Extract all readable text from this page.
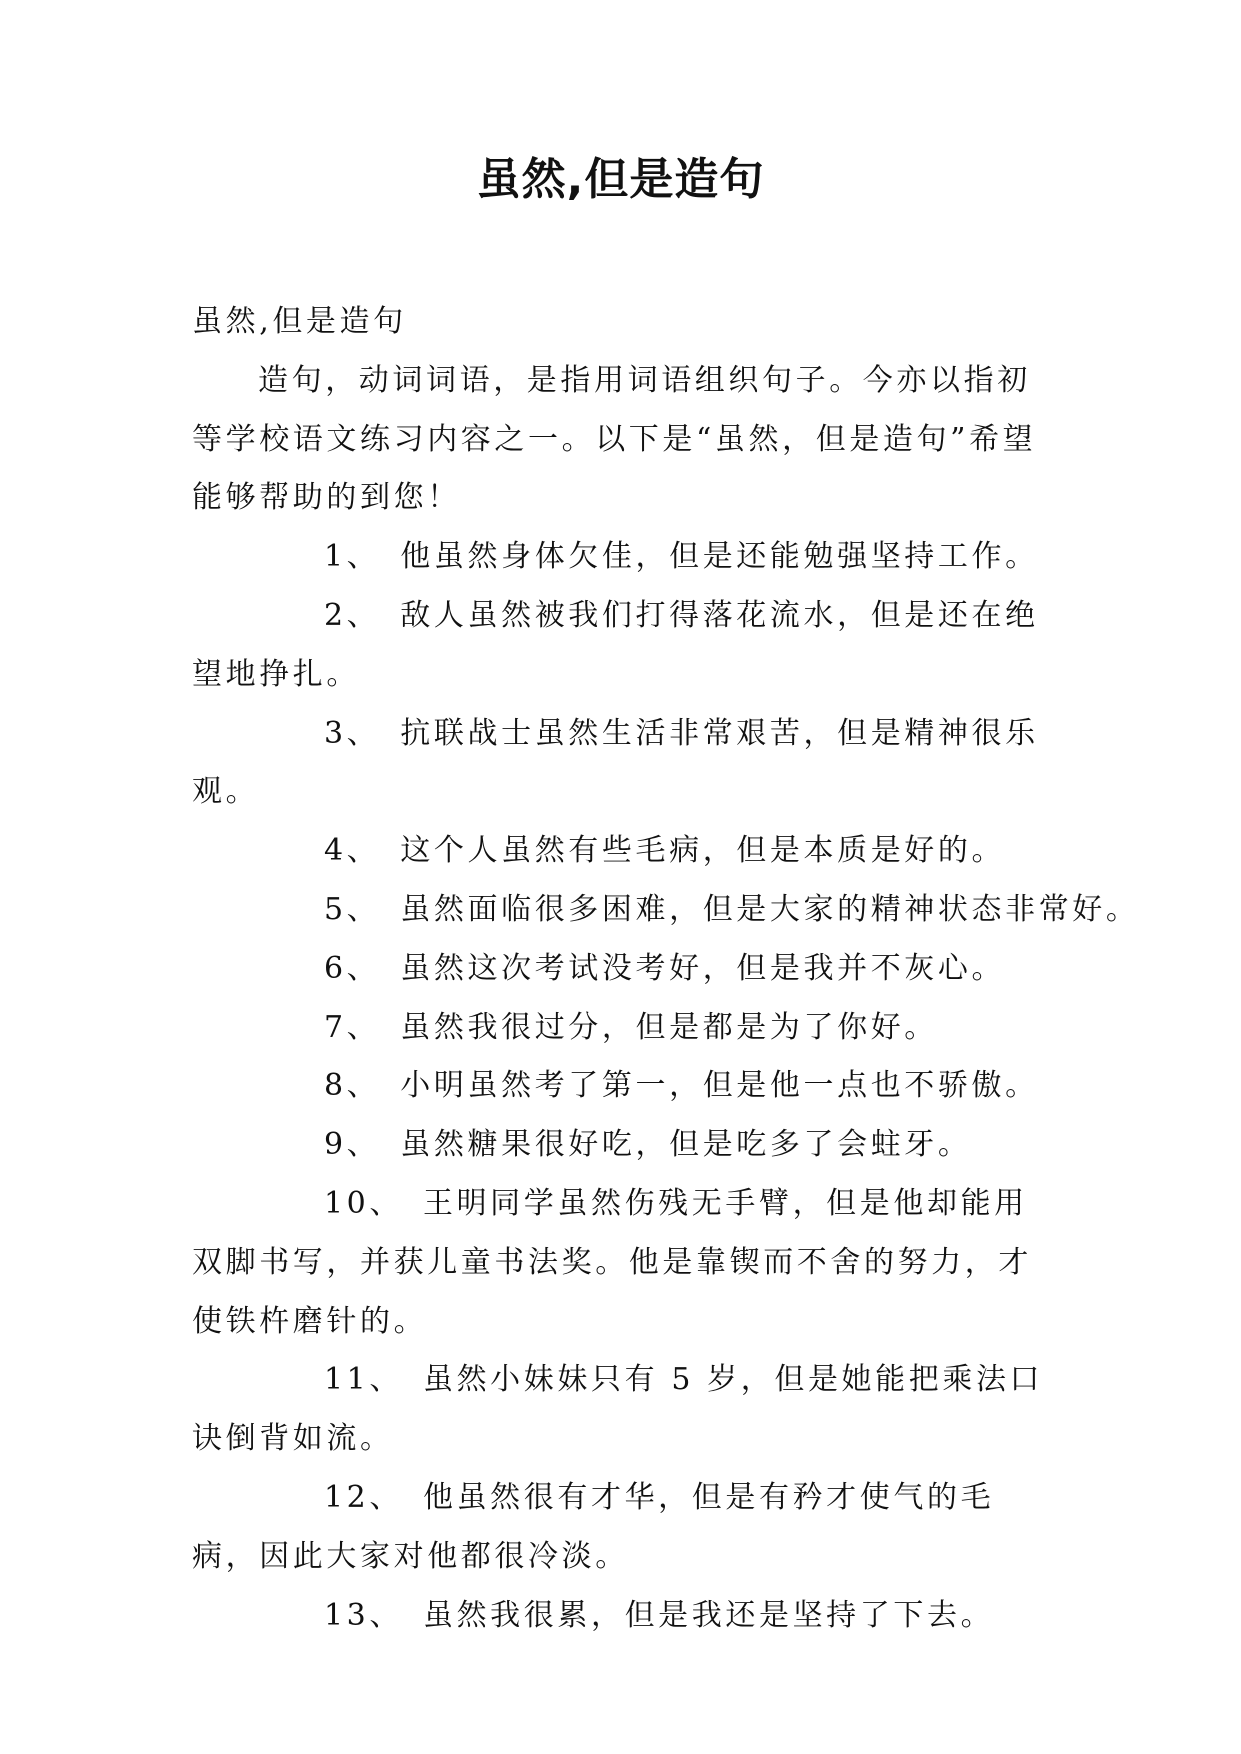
虽然,但是造句

虽然,但是造句

造句，动词词语，是指用词语组织句子。今亦以指初等学校语文练习内容之一。以下是“虽然，但是造句”希望能够帮助的到您！

1、 他虽然身体欠佳，但是还能勉强坚持工作。

2、 敌人虽然被我们打得落花流水，但是还在绝望地挣扎。

3、 抗联战士虽然生活非常艰苦，但是精神很乐观。

4、 这个人虽然有些毛病，但是本质是好的。

5、 虽然面临很多困难，但是大家的精神状态非常好。

6、 虽然这次考试没考好，但是我并不灰心。

7、 虽然我很过分，但是都是为了你好。

8、 小明虽然考了第一，但是他一点也不骄傲。

9、 虽然糖果很好吃，但是吃多了会蛀牙。

10、 王明同学虽然伤残无手臂，但是他却能用双脚书写，并获儿童书法奖。他是靠锲而不舍的努力，才使铁杵磨针的。

11、 虽然小妹妹只有 5 岁，但是她能把乘法口诀倒背如流。

12、 他虽然很有才华，但是有矜才使气的毛病，因此大家对他都很冷淡。

13、 虽然我很累，但是我还是坚持了下去。
